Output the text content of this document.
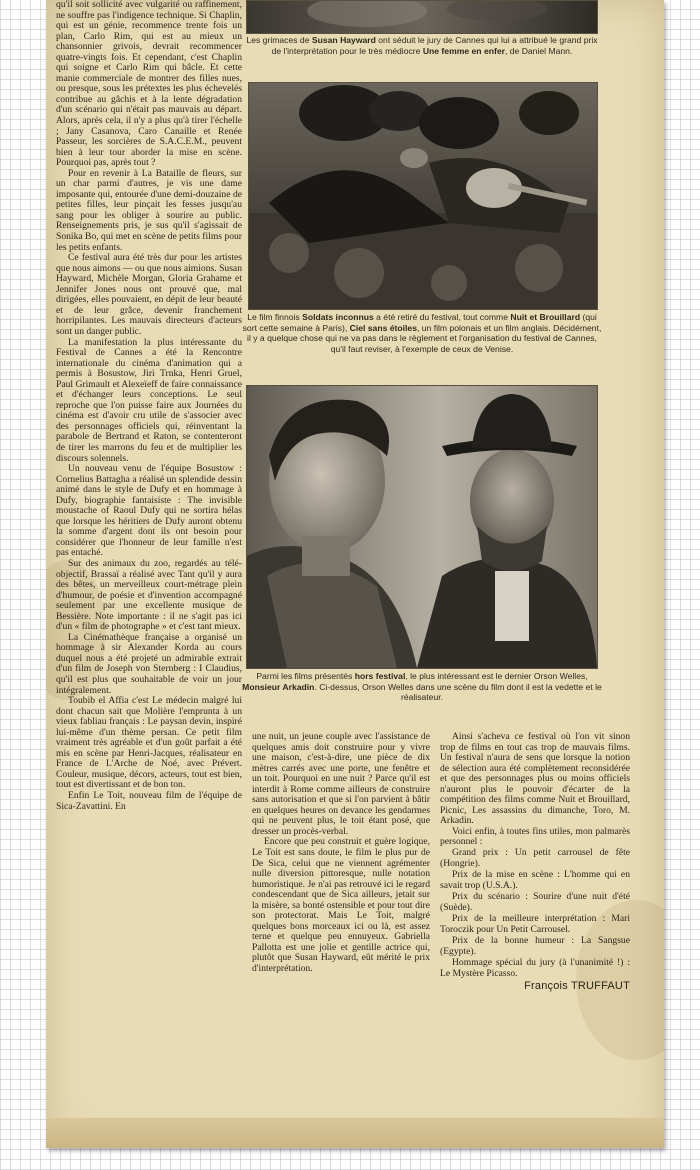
qu'il soit sollicité avec vulgarité ou raffinement, ne souffre pas l'indigence technique. Si Chaplin, qui est un génie, recommence trente fois un plan, Carlo Rim, qui est au mieux un chansonnier grivois, devrait recommencer quatre-vingts fois. Et cependant, c'est Chaplin qui soigne et Carlo Rim qui bâcle. Et cette manie commerciale de montrer des filles nues, ou presque, sous les prétextes les plus échevelés contribue au gâchis et à la lente dégradation d'un scénario qui n'était pas mauvais au départ. Alors, après cela, il n'y a plus qu'à tirer l'échelle ; Jany Casanova, Caro Canaille et Renée Passeur, les sorcières de S.A.C.E.M., peuvent bien à leur tour aborder la mise en scène. Pourquoi pas, après tout ?

Pour en revenir à La Bataille de fleurs, sur un char parmi d'autres, je vis une dame imposante qui, entourée d'une demi-douzaine de petites filles, leur pinçait les fesses jusqu'au sang pour les obliger à sourire au public. Renseignements pris, je sus qu'il s'agissait de Sonika Bo, qui met en scène de petits films pour les petits enfants.

Ce festival aura été très dur pour les artistes que nous aimons — ou que nous aimions. Susan Hayward, Michèle Morgan, Gloria Grahame et Jennifer Jones nous ont prouvé que, mal dirigées, elles pouvaient, en dépit de leur beauté et de leur grâce, devenir franchement horripilantes. Les mauvais directeurs d'acteurs sont un danger public.

La manifestation la plus intéressante du Festival de Cannes a été la Rencontre internationale du cinéma d'animation qui a permis à Bosustow, Jiri Trnka, Henri Gruel, Paul Grimault et Alexeïeff de faire connaissance et d'échanger leurs conceptions. Le seul reproche que l'on puisse faire aux Journées du cinéma est d'avoir cru utile de s'associer avec des personnages officiels qui, réinventant la parabole de Bertrand et Raton, se contenteront de tirer les marrons du feu et de multiplier les discours solennels.

Un nouveau venu de l'équipe Bosustow : Cornelius Battagha a réalisé un splendide dessin animé dans le style de Dufy et en hommage à Dufy, biographie fantaisiste : The invisible moustache of Raoul Dufy qui ne sortira hélas que lorsque les héritiers de Dufy auront obtenu la somme d'argent dont ils ont besoin pour considérer que l'honneur de leur famille n'est pas entaché.

Sur des animaux du zoo, regardés au télé-objectif, Brassaï a réalisé avec Tant qu'il y aura des bêtes, un merveilleux court-métrage plein d'humour, de poésie et d'invention accompagné seulement par une excellente musique de Bessière. Note importante : il ne s'agit pas ici d'un « film de photographe » et c'est tant mieux.

La Cinémathèque française a organisé un hommage à sir Alexander Korda au cours duquel nous a été projeté un admirable extrait d'un film de Joseph von Sternberg : I Claudius, qu'il est plus que souhaitable de voir un jour intégralement.

Toubib el Affia c'est Le médecin malgré lui dont chacun sait que Molière l'emprunta à un vieux fabliau français : Le paysan devin, inspiré lui-même d'un thème persan. Ce petit film vraiment très agréable et d'un goût parfait a été mis en scène par Henri-Jacques, réalisateur en France de L'Arche de Noé, avec Prévert. Couleur, musique, décors, acteurs, tout est bien, tout est divertissant et de bon ton.

Enfin Le Toit, nouveau film de l'équipe de Sica-Zavattini. En

Les grimaces de Susan Hayward ont séduit le jury de Cannes qui lui a attribué le grand prix de l'interprétation pour le très médiocre Une femme en enfer, de Daniel Mann.
Le film finnois Soldats inconnus a été retiré du festival, tout comme Nuit et Brouillard (qui sort cette semaine à Paris), Ciel sans étoiles, un film polonais et un film anglais. Décidément, il y a quelque chose qui ne va pas dans le règlement et l'organisation du festival de Cannes, qu'il faut reviser, à l'exemple de ceux de Venise.
Parmi les films présentés hors festival, le plus intéressant est le dernier Orson Welles, Monsieur Arkadin. Ci-dessus, Orson Welles dans une scène du film dont il est la vedette et le réalisateur.

une nuit, un jeune couple avec l'assistance de quelques amis doit construire pour y vivre une maison, c'est-à-dire, une pièce de dix mètres carrés avec une porte, une fenêtre et un toit. Pourquoi en une nuit ? Parce qu'il est interdit à Rome comme ailleurs de construire sans autorisation et que si l'on parvient à bâtir en quelques heures on devance les gendarmes qui ne peuvent plus, le toit étant posé, que dresser un procès-verbal.

Encore que peu construit et guère logique, Le Toit est sans doute, le film le plus pur de De Sica, celui que ne viennent agrémenter nulle diversion pittoresque, nulle notation humoristique. Je n'ai pas retrouvé ici le regard condescendant que de Sica ailleurs, jetait sur la misère, sa bonté ostensible et pour tout dire son protectorat. Mais Le Toit, malgré quelques bons morceaux ici ou là, est assez terne et quelque peu ennuyeux. Gabriella Pallotta est une jolie et gentille actrice qui, plutôt que Susan Hayward, eût mérité le prix d'interprétation.

Ainsi s'acheva ce festival où l'on vit sinon trop de films en tout cas trop de mauvais films. Un festival n'aura de sens que lorsque la notion de sélection aura été complètement reconsidérée et que des personnages plus ou moins officiels n'auront plus le pouvoir d'écarter de la compétition des films comme Nuit et Brouillard, Picnic, Les assassins du dimanche, Toro, M. Arkadin.

Voici enfin, à toutes fins utiles, mon palmarès personnel :

Grand prix : Un petit carrousel de fête (Hongrie).

Prix de la mise en scène : L'homme qui en savait trop (U.S.A.).

Prix du scénario : Sourire d'une nuit d'été (Suède).

Prix de la meilleure interprétation : Mari Toroczik pour Un Petit Carrousel.

Prix de la bonne humeur : La Sangsue (Egypte).

Hommage spécial du jury (à l'unanimité !) : Le Mystère Picasso.

François TRUFFAUT
